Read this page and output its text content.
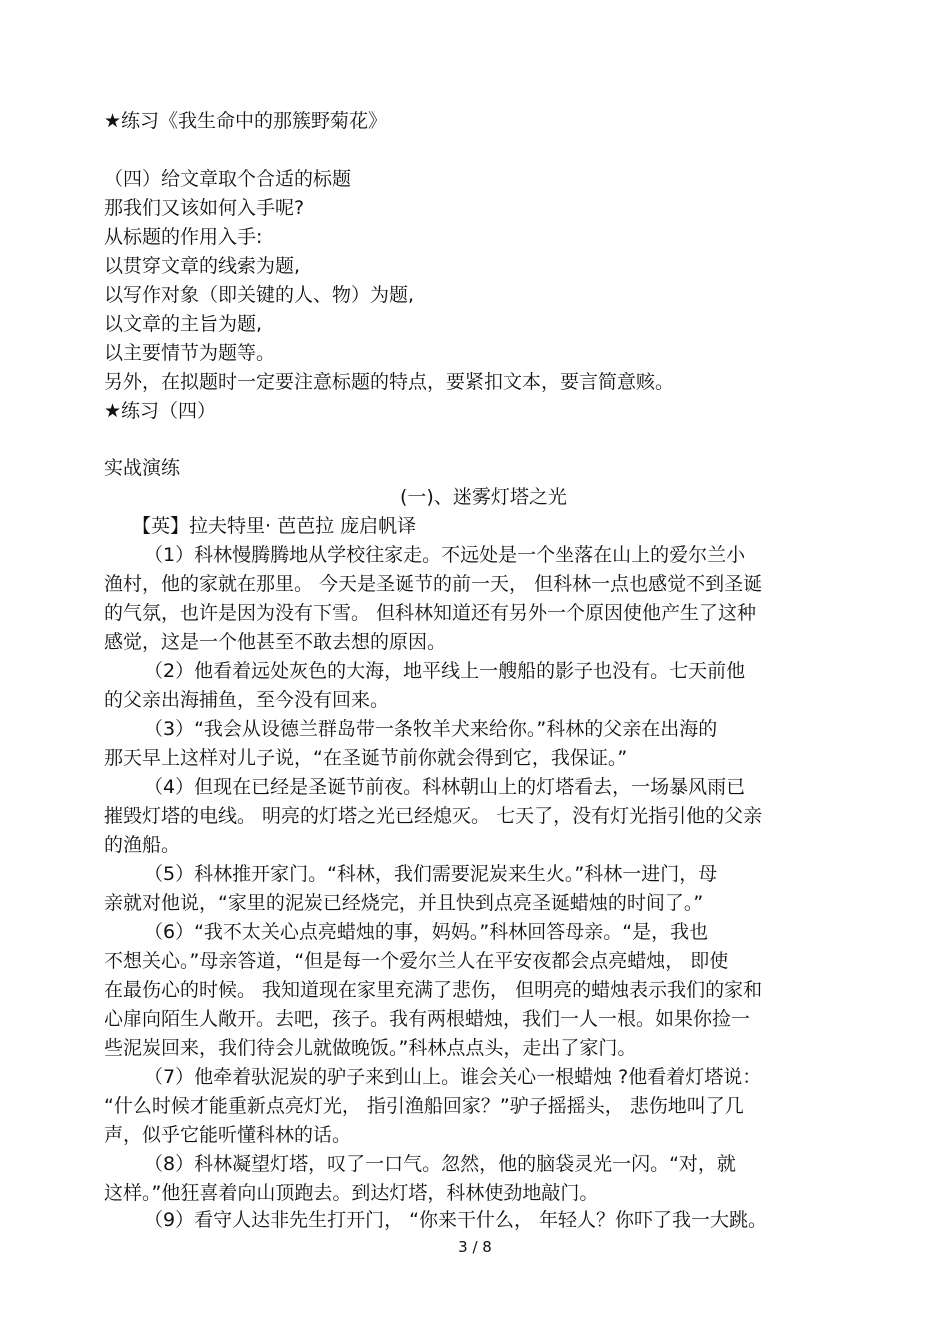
★练习《我生命中的那簇野菊花》
（四）给文章取个合适的标题
那我们又该如何入手呢?
从标题的作用入手:
以贯穿文章的线索为题,
以写作对象（即关键的人、物）为题,
以文章的主旨为题,
以主要情节为题等。
另外，在拟题时一定要注意标题的特点，要紧扣文本，要言简意赅。
★练习（四）
实战演练
(一)、迷雾灯塔之光
【英】拉夫特里· 芭芭拉 庞启帆译
（1）科林慢腾腾地从学校往家走。不远处是一个坐落在山上的爱尔兰小
渔村，他的家就在那里。 今天是圣诞节的前一天， 但科林一点也感觉不到圣诞
的气氛，也许是因为没有下雪。 但科林知道还有另外一个原因使他产生了这种
感觉，这是一个他甚至不敢去想的原因。
（2）他看着远处灰色的大海，地平线上一艘船的影子也没有。七天前他
的父亲出海捕鱼，至今没有回来。
（3）“我会从设德兰群岛带一条牧羊犬来给你。”科林的父亲在出海的
那天早上这样对儿子说，“在圣诞节前你就会得到它，我保证。”
（4）但现在已经是圣诞节前夜。科林朝山上的灯塔看去，一场暴风雨已
摧毁灯塔的电线。 明亮的灯塔之光已经熄灭。 七天了，没有灯光指引他的父亲
的渔船。
（5）科林推开家门。“科林，我们需要泥炭来生火。”科林一进门，母
亲就对他说，“家里的泥炭已经烧完，并且快到点亮圣诞蜡烛的时间了。”
（6）“我不太关心点亮蜡烛的事，妈妈。”科林回答母亲。“是，我也
不想关心。”母亲答道，“但是每一个爱尔兰人在平安夜都会点亮蜡烛， 即使
在最伤心的时候。 我知道现在家里充满了悲伤， 但明亮的蜡烛表示我们的家和
心扉向陌生人敞开。去吧，孩子。我有两根蜡烛，我们一人一根。如果你捡一
些泥炭回来，我们待会儿就做晚饭。”科林点点头，走出了家门。
（7）他牵着驮泥炭的驴子来到山上。谁会关心一根蜡烛 ?他看着灯塔说：
“什么时候才能重新点亮灯光， 指引渔船回家？”驴子摇摇头， 悲伤地叫了几
声，似乎它能听懂科林的话。
（8）科林凝望灯塔，叹了一口气。忽然，他的脑袋灵光一闪。“对，就
这样。”他狂喜着向山顶跑去。到达灯塔，科林使劲地敲门。
（9）看守人达非先生打开门， “你来干什么， 年轻人？你吓了我一大跳。
3 / 8
